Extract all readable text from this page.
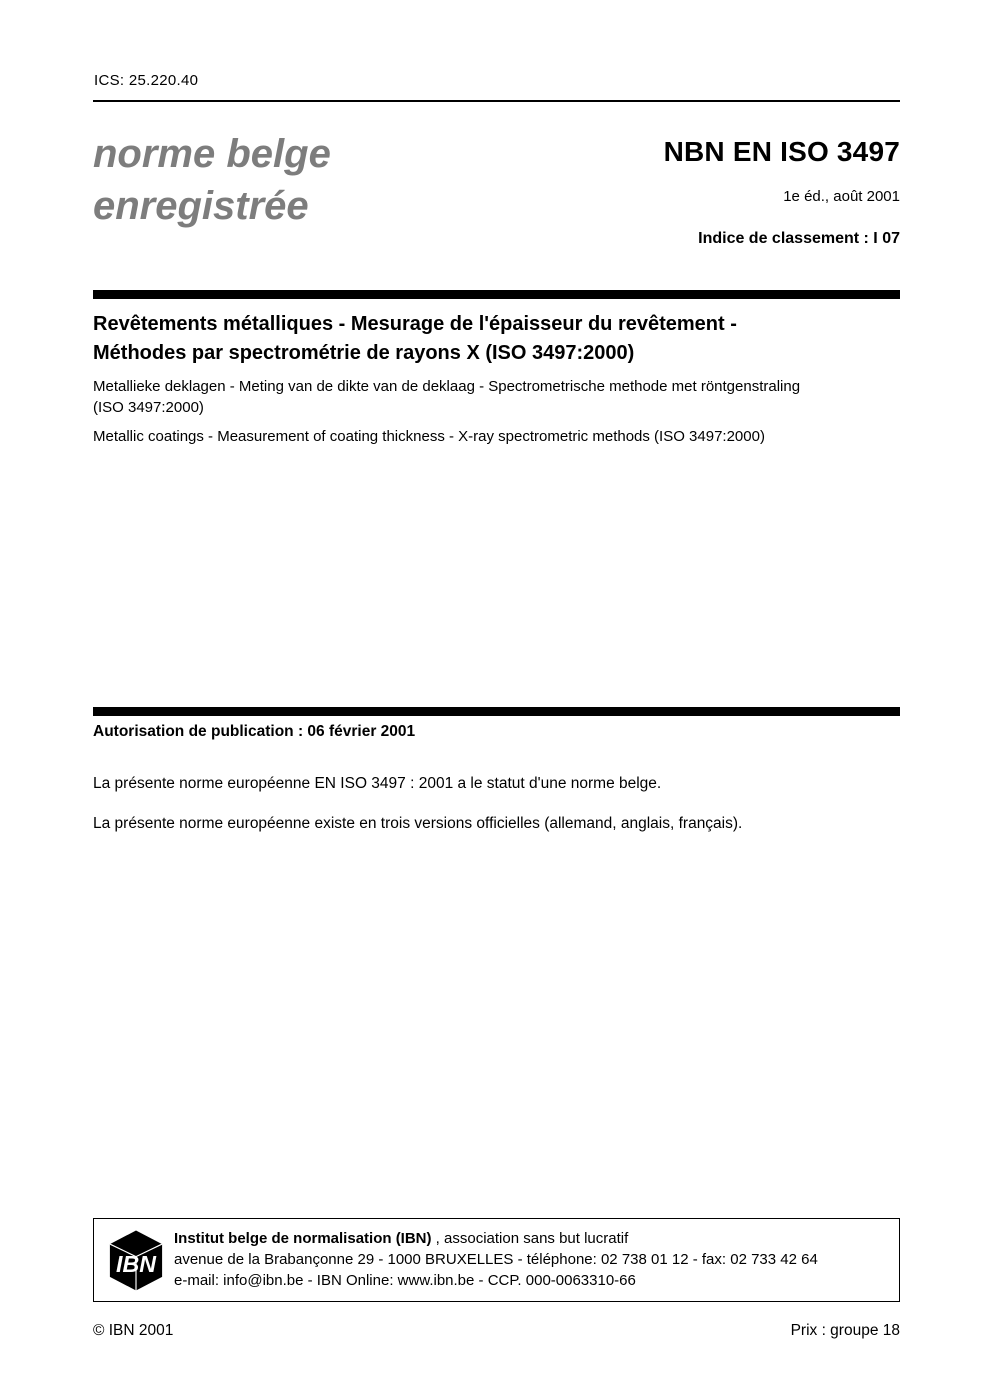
ICS: 25.220.40
norme belge
enregistrée
NBN EN ISO 3497
1e éd., août 2001
Indice de classement : I 07
Revêtements métalliques - Mesurage de l'épaisseur du revêtement -
Méthodes par spectrométrie de rayons X (ISO 3497:2000)
Metallieke deklagen - Meting van de dikte van de deklaag - Spectrometrische methode met röntgenstraling
(ISO 3497:2000)
Metallic coatings - Measurement of coating thickness - X-ray spectrometric methods (ISO 3497:2000)
Autorisation de publication : 06 février 2001
La présente norme européenne EN ISO 3497 : 2001 a le statut d'une norme belge.
La présente norme européenne existe en trois versions officielles (allemand, anglais, français).
IBN
Institut belge de normalisation (IBN) , association sans but lucratif
avenue de la Brabançonne 29 - 1000 BRUXELLES - téléphone: 02 738 01 12 - fax: 02 733 42 64
e-mail: info@ibn.be - IBN Online: www.ibn.be - CCP. 000-0063310-66
© IBN 2001	Prix : groupe 18
